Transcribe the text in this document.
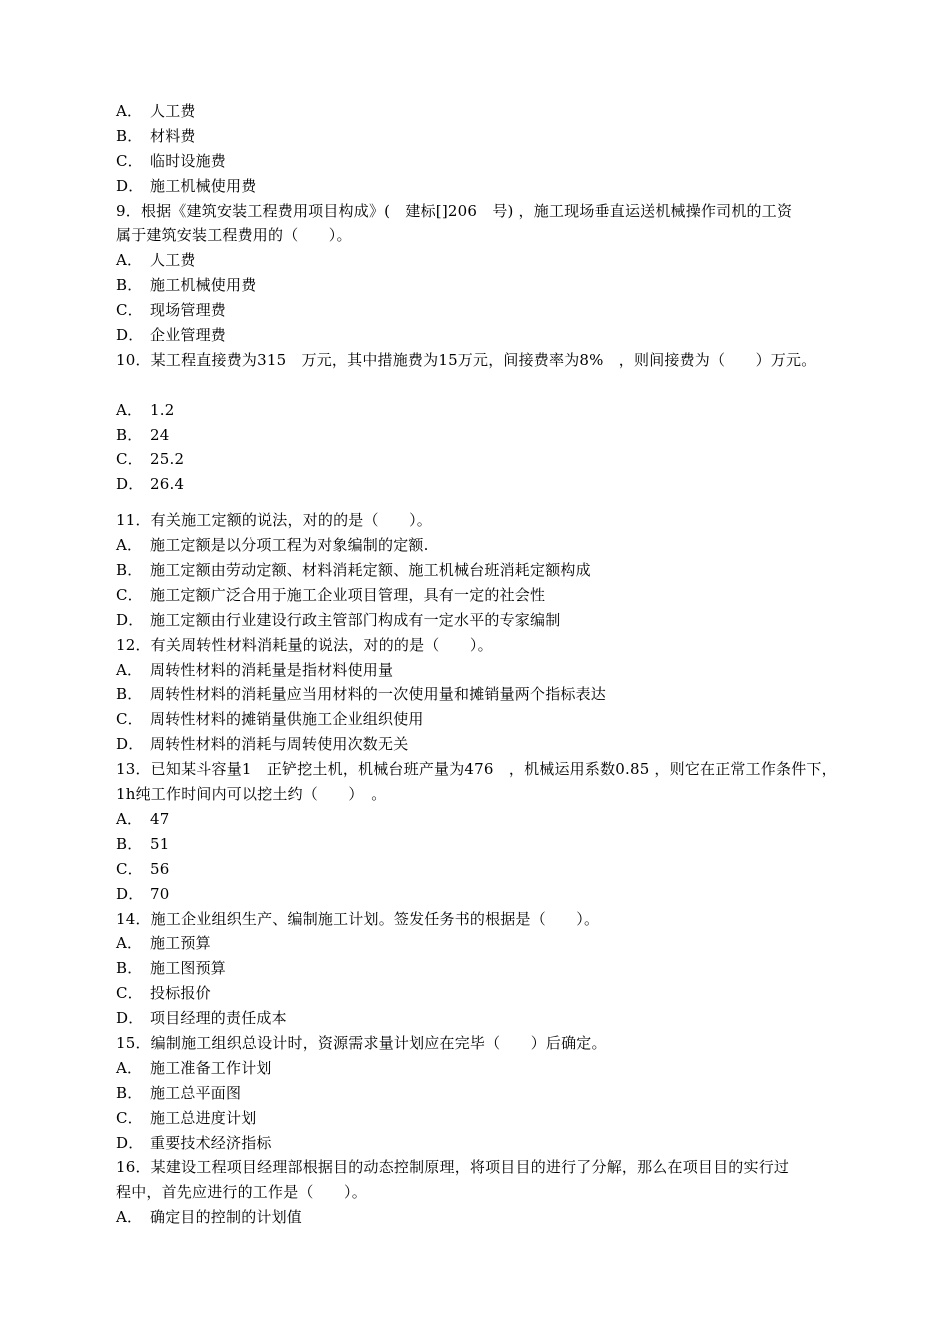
A． 人工费
B． 材料费
C． 临时设施费
D． 施工机械使用费
9．根据《建筑安装工程费用项目构成》(　建标[]206　号) ，施工现场垂直运送机械操作司机的工资
属于建筑安装工程费用的（　　）。
A． 人工费
B． 施工机械使用费
C． 现场管理费
D． 企业管理费
10．某工程直接费为315　万元，其中措施费为15万元，间接费率为8%　，则间接费为（　　）万元。
A． 1.2
B． 24
C． 25.2
D． 26.4
11．有关施工定额的说法，对的的是（　　）。
A． 施工定额是以分项工程为对象编制的定额.
B． 施工定额由劳动定额、材料消耗定额、施工机械台班消耗定额构成
C． 施工定额广泛合用于施工企业项目管理，具有一定的社会性
D． 施工定额由行业建设行政主管部门构成有一定水平的专家编制
12．有关周转性材料消耗量的说法，对的的是（　　）。
A． 周转性材料的消耗量是指材料使用量
B． 周转性材料的消耗量应当用材料的一次使用量和摊销量两个指标表达
C． 周转性材料的摊销量供施工企业组织使用
D． 周转性材料的消耗与周转使用次数无关
13．已知某斗容量1　正铲挖土机，机械台班产量为476　，机械运用系数0.85 ，则它在正常工作条件下，
1h纯工作时间内可以挖土约（　　）　。
A． 47
B． 51
C． 56
D． 70
14．施工企业组织生产、编制施工计划。签发任务书的根据是（　　）。
A． 施工预算
B． 施工图预算
C． 投标报价
D． 项目经理的责任成本
15．编制施工组织总设计时，资源需求量计划应在完毕（　　）后确定。
A． 施工准备工作计划
B． 施工总平面图
C． 施工总进度计划
D． 重要技术经济指标
16．某建设工程项目经理部根据目的动态控制原理，将项目目的进行了分解，那么在项目目的实行过
程中，首先应进行的工作是（　　）。
A． 确定目的控制的计划值
